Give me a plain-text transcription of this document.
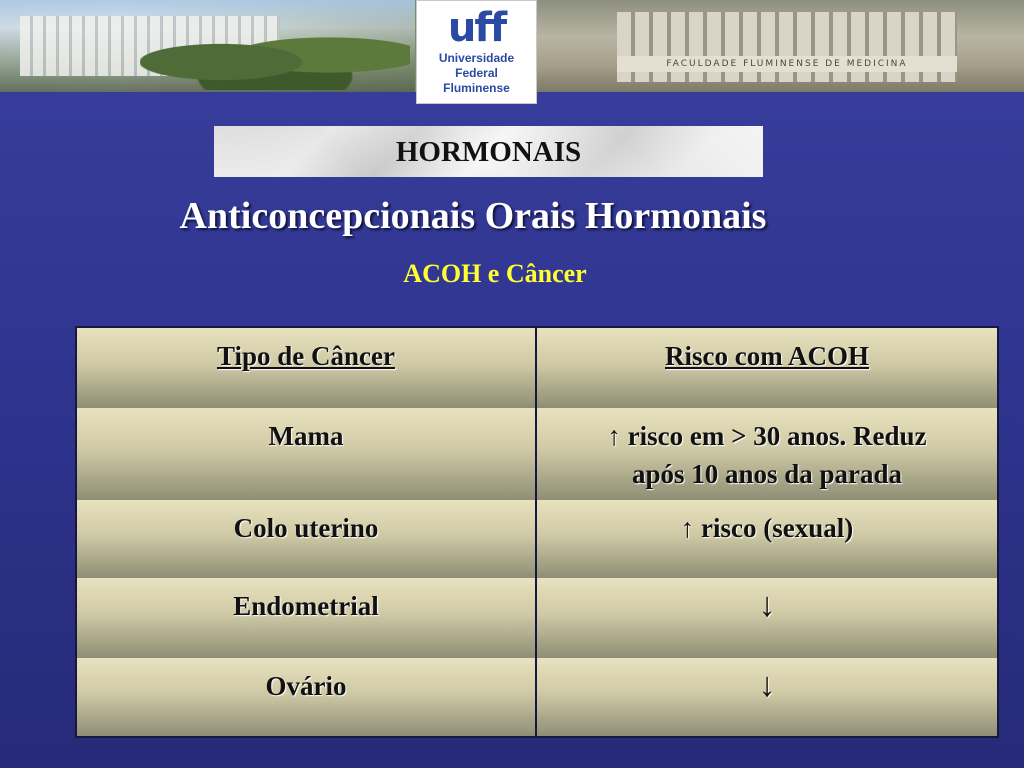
FACULDADE FLUMINENSE DE MEDICINA
uff
Universidade
Federal
Fluminense
HORMONAIS
Anticoncepcionais Orais Hormonais
ACOH e Câncer
Tipo de Câncer	Risco com ACOH
Mama	↑ risco em > 30 anos. Reduz
após 10 anos da parada
Colo uterino	↑ risco (sexual)
Endometrial	↓
Ovário	↓
